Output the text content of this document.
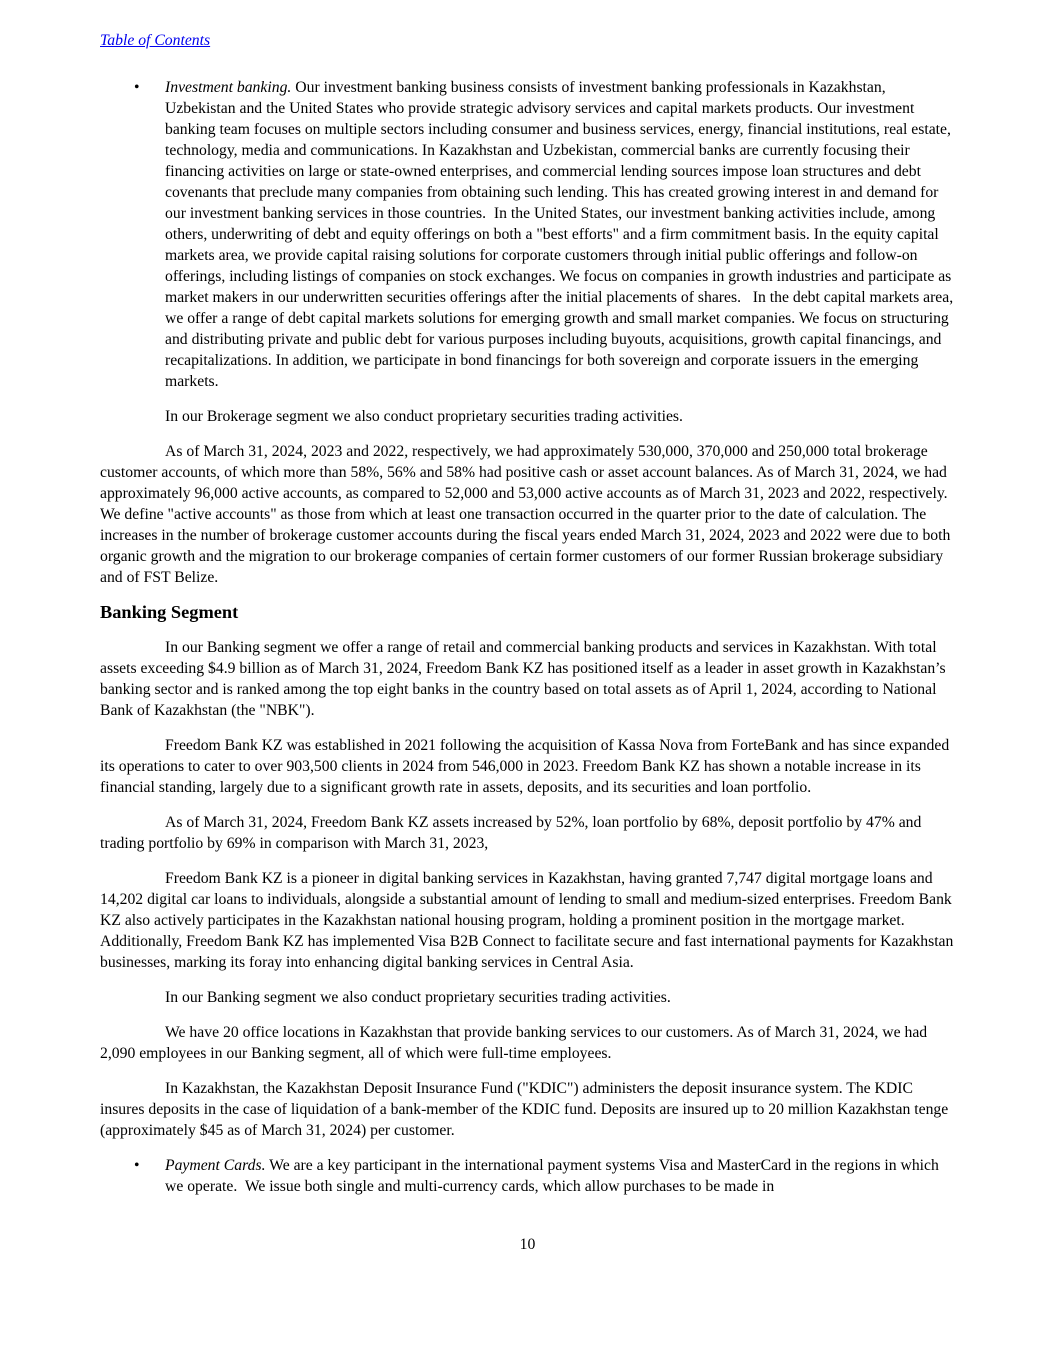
Table of Contents
•	Investment banking. Our investment banking business consists of investment banking professionals in Kazakhstan, Uzbekistan and the United States who provide strategic advisory services and capital markets products. Our investment banking team focuses on multiple sectors including consumer and business services, energy, financial institutions, real estate, technology, media and communications. In Kazakhstan and Uzbekistan, commercial banks are currently focusing their financing activities on large or state-owned enterprises, and commercial lending sources impose loan structures and debt covenants that preclude many companies from obtaining such lending. This has created growing interest in and demand for our investment banking services in those countries.  In the United States, our investment banking activities include, among others, underwriting of debt and equity offerings on both a "best efforts" and a firm commitment basis. In the equity capital markets area, we provide capital raising solutions for corporate customers through initial public offerings and follow-on offerings, including listings of companies on stock exchanges. We focus on companies in growth industries and participate as market makers in our underwritten securities offerings after the initial placements of shares.   In the debt capital markets area, we offer a range of debt capital markets solutions for emerging growth and small market companies. We focus on structuring and distributing private and public debt for various purposes including buyouts, acquisitions, growth capital financings, and recapitalizations. In addition, we participate in bond financings for both sovereign and corporate issuers in the emerging markets.

In our Brokerage segment we also conduct proprietary securities trading activities.

As of March 31, 2024, 2023 and 2022, respectively, we had approximately 530,000, 370,000 and 250,000 total brokerage customer accounts, of which more than 58%, 56% and 58% had positive cash or asset account balances. As of March 31, 2024, we had approximately 96,000 active accounts, as compared to 52,000 and 53,000 active accounts as of March 31, 2023 and 2022, respectively. We define "active accounts" as those from which at least one transaction occurred in the quarter prior to the date of calculation. The increases in the number of brokerage customer accounts during the fiscal years ended March 31, 2024, 2023 and 2022 were due to both organic growth and the migration to our brokerage companies of certain former customers of our former Russian brokerage subsidiary and of FST Belize.

Banking Segment

In our Banking segment we offer a range of retail and commercial banking products and services in Kazakhstan. With total assets exceeding $4.9 billion as of March 31, 2024, Freedom Bank KZ has positioned itself as a leader in asset growth in Kazakhstan’s banking sector and is ranked among the top eight banks in the country based on total assets as of April 1, 2024, according to National Bank of Kazakhstan (the "NBK").

Freedom Bank KZ was established in 2021 following the acquisition of Kassa Nova from ForteBank and has since expanded its operations to cater to over 903,500 clients in 2024 from 546,000 in 2023. Freedom Bank KZ has shown a notable increase in its financial standing, largely due to a significant growth rate in assets, deposits, and its securities and loan portfolio.

As of March 31, 2024, Freedom Bank KZ assets increased by 52%, loan portfolio by 68%, deposit portfolio by 47% and trading portfolio by 69% in comparison with March 31, 2023,

Freedom Bank KZ is a pioneer in digital banking services in Kazakhstan, having granted 7,747 digital mortgage loans and 14,202 digital car loans to individuals, alongside a substantial amount of lending to small and medium-sized enterprises. Freedom Bank KZ also actively participates in the Kazakhstan national housing program, holding a prominent position in the mortgage market. Additionally, Freedom Bank KZ has implemented Visa B2B Connect to facilitate secure and fast international payments for Kazakhstan businesses, marking its foray into enhancing digital banking services in Central Asia.

In our Banking segment we also conduct proprietary securities trading activities.

We have 20 office locations in Kazakhstan that provide banking services to our customers. As of March 31, 2024, we had 2,090 employees in our Banking segment, all of which were full-time employees.

In Kazakhstan, the Kazakhstan Deposit Insurance Fund ("KDIC") administers the deposit insurance system. The KDIC insures deposits in the case of liquidation of a bank-member of the KDIC fund. Deposits are insured up to 20 million Kazakhstan tenge (approximately $45 as of March 31, 2024) per customer.

•	Payment Cards. We are a key participant in the international payment systems Visa and MasterCard in the regions in which we operate.  We issue both single and multi-currency cards, which allow purchases to be made in
10
